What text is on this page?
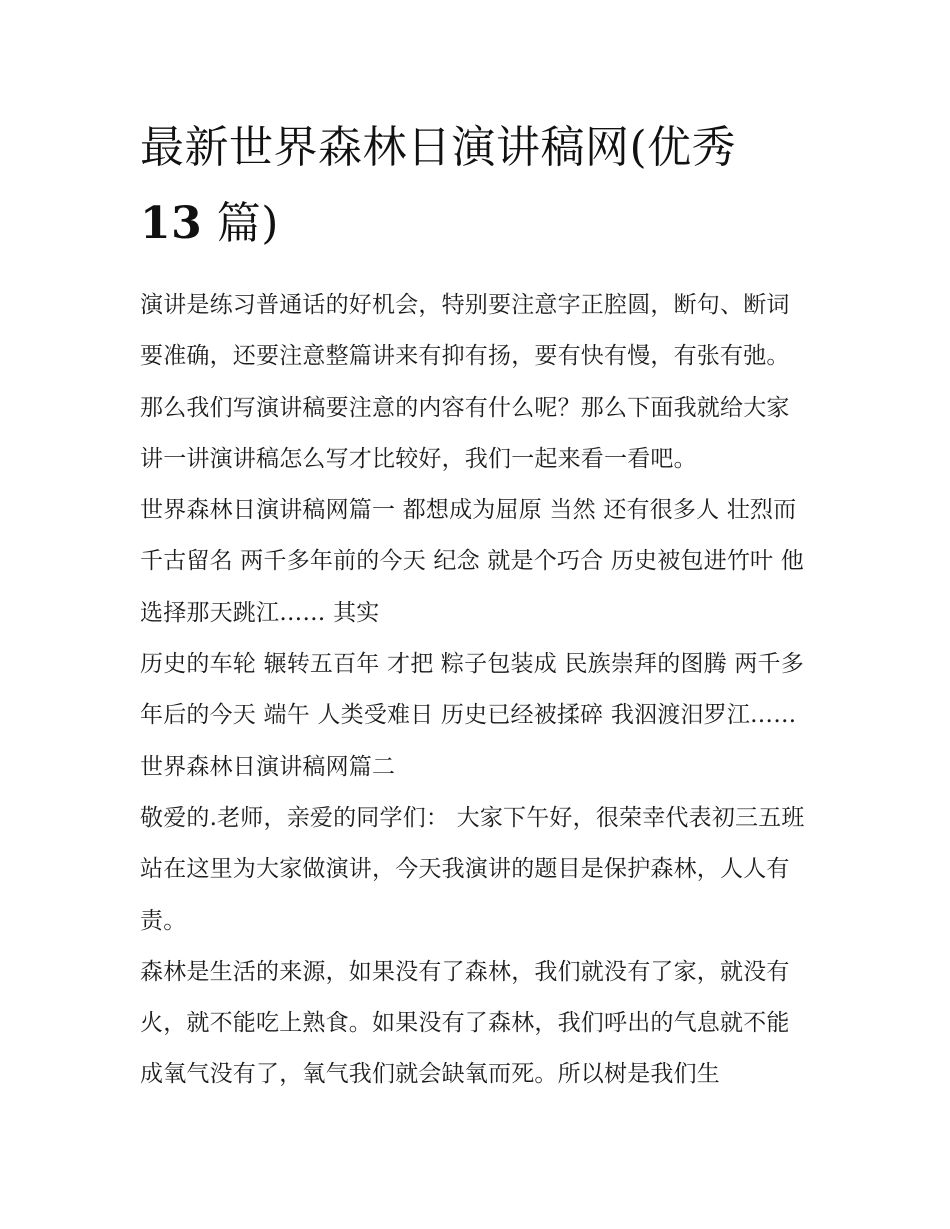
最新世界森林日演讲稿网(优秀
13 篇)

演讲是练习普通话的好机会，特别要注意字正腔圆，断句、断词要准确，还要注意整篇讲来有抑有扬，要有快有慢，有张有弛。那么我们写演讲稿要注意的内容有什么呢？那么下面我就给大家讲一讲演讲稿怎么写才比较好，我们一起来看一看吧。

世界森林日演讲稿网篇一 都想成为屈原 当然 还有很多人 壮烈而千古留名 两千多年前的今天 纪念 就是个巧合 历史被包进竹叶 他选择那天跳江…… 其实

历史的车轮 辗转五百年 才把 粽子包装成 民族崇拜的图腾 两千多年后的今天 端午 人类受难日 历史已经被揉碎 我泅渡汨罗江…… 世界森林日演讲稿网篇二

敬爱的.老师，亲爱的同学们： 大家下午好，很荣幸代表初三五班站在这里为大家做演讲，今天我演讲的题目是保护森林，人人有责。

森林是生活的来源，如果没有了森林，我们就没有了家，就没有火，就不能吃上熟食。如果没有了森林，我们呼出的气息就不能成氧气没有了，氧气我们就会缺氧而死。所以树是我们生
